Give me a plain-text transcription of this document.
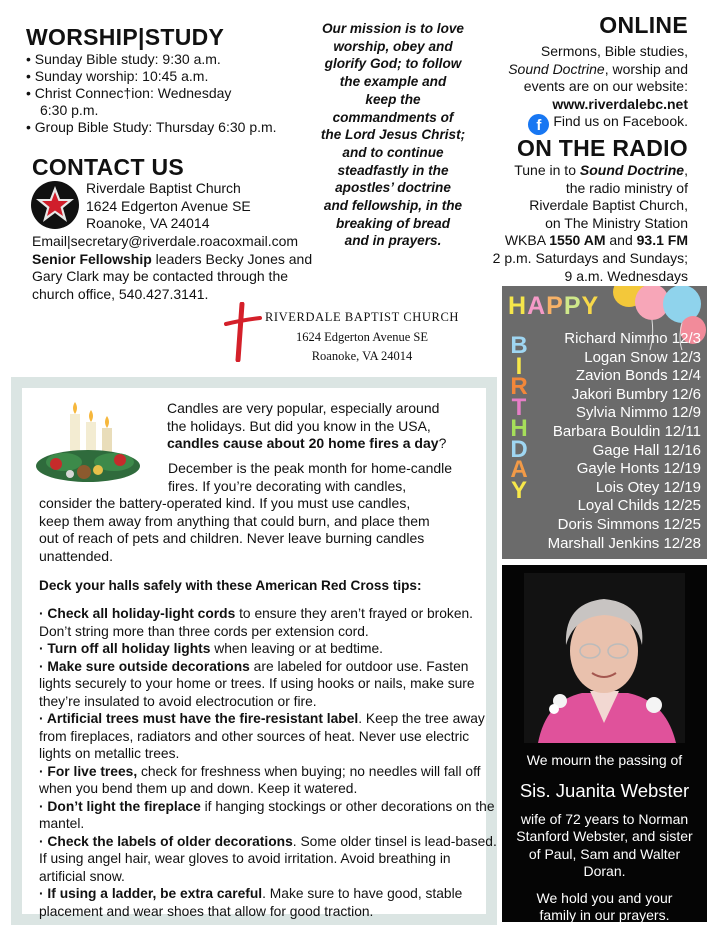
WORSHIP|STUDY
• Sunday Bible study: 9:30 a.m.
• Sunday worship: 10:45 a.m.
• Christ Connec†ion: Wednesday
6:30 p.m.
• Group Bible Study: Thursday 6:30 p.m.
Our mission is to love
worship, obey and
glorify God; to follow
the example and
keep the
commandments of
the Lord Jesus Christ;
and to continue
steadfastly in the
apostles’ doctrine
and fellowship, in the
breaking of bread
and in prayers.
ONLINE

Sermons, Bible studies,

Sound Doctrine, worship and

events are on our website:

www.riverdalebc.net

f Find us on Facebook.

ON THE RADIO
Tune in to Sound Doctrine,
the radio ministry of
Riverdale Baptist Church,
on The Ministry Station
WKBA 1550 AM and 93.1 FM
2 p.m. Saturdays and Sundays;
9 a.m. Wednesdays
CONTACT US
Riverdale Baptist Church
1624 Edgerton Avenue SE
Roanoke, VA 24014
Email|secretary@riverdale.roacoxmail.com
Senior Fellowship leaders Becky Jones and
Gary Clark may be contacted through the
church office, 540.427.3141.
RIVERDALE BAPTIST CHURCH
1624 Edgerton Avenue SE
Roanoke, VA 24014
HAPPY
B
I
R
T
H
D
A
Y
Richard Nimmo 12/3
Logan Snow 12/3
Zavion Bonds 12/4
Jakori Bumbry 12/6
Sylvia Nimmo 12/9
Barbara Bouldin 12/11
Gage Hall 12/16
Gayle Honts 12/19
Lois Otey 12/19
Loyal Childs 12/25
Doris Simmons 12/25
Marshall Jenkins 12/28

We mourn the passing of

Sis. Juanita Webster

wife of 72 years to Norman

Stanford Webster, and sister

of Paul, Sam and Walter

Doran.

We hold you and your

family in our prayers.

Candles are very popular, especially around
the holidays. But did you know in the USA,
candles cause about 20 home fires a day?
December is the peak month for home-candle
fires. If you’re decorating with candles,
consider the battery-operated kind. If you must use candles,
keep them away from anything that could burn, and place them
out of reach of pets and children. Never leave burning candles
unattended.
Deck your halls safely with these American Red Cross tips:

· Check all holiday-light cords to ensure they aren’t frayed or broken. Don’t string more than three cords per extension cord.

· Turn off all holiday lights when leaving or at bedtime.

· Make sure outside decorations are labeled for outdoor use. Fasten lights securely to your home or trees. If using hooks or nails, make sure they’re insulated to avoid electrocution or fire.

· Artificial trees must have the fire-resistant label. Keep the tree away from fireplaces, radiators and other sources of heat. Never use electric lights on metallic trees.

· For live trees, check for freshness when buying; no needles will fall off when you bend them up and down. Keep it watered.

· Don’t light the fireplace if hanging stockings or other decorations on the mantel.

· Check the labels of older decorations. Some older tinsel is lead-based. If using angel hair, wear gloves to avoid irritation. Avoid breathing in artificial snow.

· If using a ladder, be extra careful. Make sure to have good, stable placement and wear shoes that allow for good traction.
